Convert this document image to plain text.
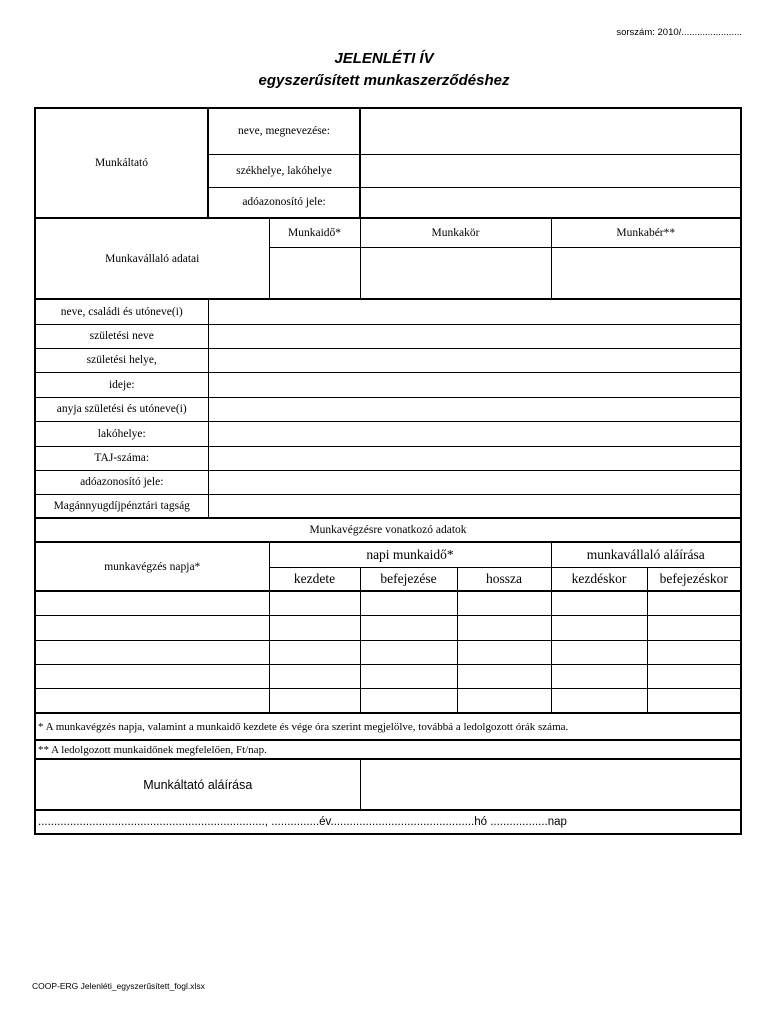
sorszám: 2010/.......................
JELENLÉTI ÍV
egyszerűsített munkaszerződéshez
Munkáltató	neve, megnevezése:					
	székhelye, lakóhelye					
	adóazonosító jele:					
Munkavállaló adatai		Munkaidő*	Munkakör		Munkabér**	

neve, családi és utóneve(i)						
születési neve						
születési helye,						
ideje:						
anyja születési és utóneve(i)						
lakóhelye:						
TAJ-száma:						
adóazonosító jele:						
Magánnyugdíjpénztári tagság						
Munkavégzésre vonatkozó adatok						
munkavégzés napja*		napi munkaidő*			munkavállaló aláírása	
		kezdete	befejezése	hossza	kezdéskor	befejezéskor

* A munkavégzés napja, valamint a munkaidő kezdete és vége óra szerint megjelölve, továbbá a ledolgozott órák száma.						
** A ledolgozott munkaidőnek megfelelően, Ft/nap.						
Munkáltató aláírása						
......................................................................., ...............év.............................................hó ..................nap						
COOP-ERG Jelenléti_egyszerűsített_fogl.xlsx
